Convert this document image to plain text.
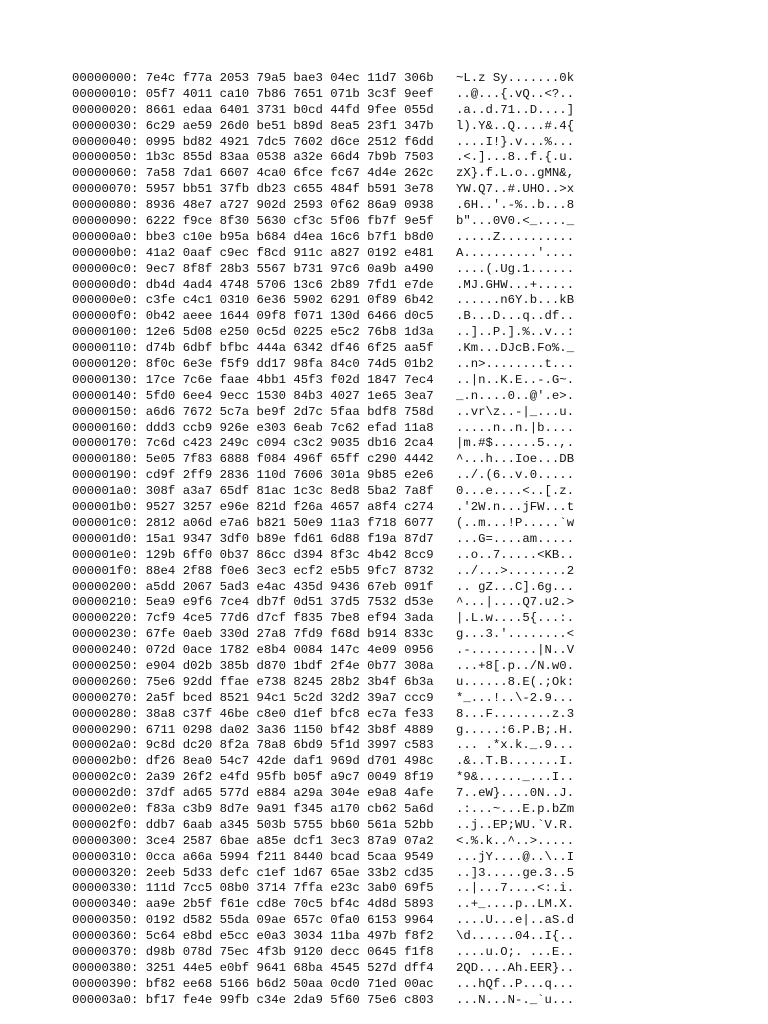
00000000: 7e4c f77a 2053 79a5 bae3 04ec 11d7 306b ~L.z Sy.......0k
00000010: 05f7 4011 ca10 7b86 7651 071b 3c3f 9eef ..@...{.vQ..<?..
00000020: 8661 edaa 6401 3731 b0cd 44fd 9fee 055d .a..d.71..D....]
00000030: 6c29 ae59 26d0 be51 b89d 8ea5 23f1 347b l).Y&..Q....#.4{
00000040: 0995 bd82 4921 7dc5 7602 d6ce 2512 f6dd ....I!}.v...%...
00000050: 1b3c 855d 83aa 0538 a32e 66d4 7b9b 7503 .<.]...8..f.{.u.
00000060: 7a58 7da1 6607 4ca0 6fce fc67 4d4e 262c zX}.f.L.o..gMN&,
00000070: 5957 bb51 37fb db23 c655 484f b591 3e78 YW.Q7..#.UHO..>x
00000080: 8936 48e7 a727 902d 2593 0f62 86a9 0938 .6H..'.-%..b...8
00000090: 6222 f9ce 8f30 5630 cf3c 5f06 fb7f 9e5f b"...0V0.<_...._
000000a0: bbe3 c10e b95a b684 d4ea 16c6 b7f1 b8d0 .....Z..........
000000b0: 41a2 0aaf c9ec f8cd 911c a827 0192 e481 A..........'....
000000c0: 9ec7 8f8f 28b3 5567 b731 97c6 0a9b a490 ....(.Ug.1......
000000d0: db4d 4ad4 4748 5706 13c6 2b89 7fd1 e7de .MJ.GHW...+.....
000000e0: c3fe c4c1 0310 6e36 5902 6291 0f89 6b42 ......n6Y.b...kB
000000f0: 0b42 aeee 1644 09f8 f071 130d 6466 d0c5 .B...D...q..df..
00000100: 12e6 5d08 e250 0c5d 0225 e5c2 76b8 1d3a ..]..P.].%..v..:
00000110: d74b 6dbf bfbc 444a 6342 df46 6f25 aa5f .Km...DJcB.Fo%._
00000120: 8f0c 6e3e f5f9 dd17 98fa 84c0 74d5 01b2 ..n>........t...
00000130: 17ce 7c6e faae 4bb1 45f3 f02d 1847 7ec4 ..|n..K.E..-.G~.
00000140: 5fd0 6ee4 9ecc 1530 84b3 4027 1e65 3ea7 _.n....0..@'.e>.
00000150: a6d6 7672 5c7a be9f 2d7c 5faa bdf8 758d ..vr\z..-|_...u.
00000160: ddd3 ccb9 926e e303 6eab 7c62 efad 11a8 .....n..n.|b....
00000170: 7c6d c423 249c c094 c3c2 9035 db16 2ca4 |m.#$......5..,.
00000180: 5e05 7f83 6888 f084 496f 65ff c290 4442 ^...h...Ioe...DB
00000190: cd9f 2ff9 2836 110d 7606 301a 9b85 e2e6 ../.(6..v.0.....
000001a0: 308f a3a7 65df 81ac 1c3c 8ed8 5ba2 7a8f 0...e....<..[.z.
000001b0: 9527 3257 e96e 821d f26a 4657 a8f4 c274 .'2W.n...jFW...t
000001c0: 2812 a06d e7a6 b821 50e9 11a3 f718 6077 (..m...!P.....`w
000001d0: 15a1 9347 3df0 b89e fd61 6d88 f19a 87d7 ...G=....am.....
000001e0: 129b 6ff0 0b37 86cc d394 8f3c 4b42 8cc9 ..o..7.....<KB..
000001f0: 88e4 2f88 f0e6 3ec3 ecf2 e5b5 9fc7 8732 ../...>........2
00000200: a5dd 2067 5ad3 e4ac 435d 9436 67eb 091f .. gZ...C].6g...
00000210: 5ea9 e9f6 7ce4 db7f 0d51 37d5 7532 d53e ^...|....Q7.u2.>
00000220: 7cf9 4ce5 77d6 d7cf f835 7be8 ef94 3ada |.L.w....5{...:.
00000230: 67fe 0aeb 330d 27a8 7fd9 f68d b914 833c g...3.'........<
00000240: 072d 0ace 1782 e8b4 0084 147c 4e09 0956 .-.........|N..V
00000250: e904 d02b 385b d870 1bdf 2f4e 0b77 308a ...+8[.p../N.w0.
00000260: 75e6 92dd ffae e738 8245 28b2 3b4f 6b3a u......8.E(.;Ok:
00000270: 2a5f bced 8521 94c1 5c2d 32d2 39a7 ccc9 *_...!..\-2.9...
00000280: 38a8 c37f 46be c8e0 d1ef bfc8 ec7a fe33 8...F........z.3
00000290: 6711 0298 da02 3a36 1150 bf42 3b8f 4889 g.....:6.P.B;.H.
000002a0: 9c8d dc20 8f2a 78a8 6bd9 5f1d 3997 c583 ... .*x.k._.9...
000002b0: df26 8ea0 54c7 42de daf1 969d d701 498c .&..T.B.......I.
000002c0: 2a39 26f2 e4fd 95fb b05f a9c7 0049 8f19 *9&......_...I..
000002d0: 37df ad65 577d e884 a29a 304e e9a8 4afe 7..eW}....0N..J.
000002e0: f83a c3b9 8d7e 9a91 f345 a170 cb62 5a6d .:...~...E.p.bZm
000002f0: ddb7 6aab a345 503b 5755 bb60 561a 52bb ..j..EP;WU.`V.R.
00000300: 3ce4 2587 6bae a85e dcf1 3ec3 87a9 07a2 <.%.k..^..>.....
00000310: 0cca a66a 5994 f211 8440 bcad 5caa 9549 ...jY....@..\..I
00000320: 2eeb 5d33 defc c1ef 1d67 65ae 33b2 cd35 ..]3.....ge.3..5
00000330: 111d 7cc5 08b0 3714 7ffa e23c 3ab0 69f5 ..|...7....<:.i.
00000340: aa9e 2b5f f61e cd8e 70c5 bf4c 4d8d 5893 ..+_....p..LM.X.
00000350: 0192 d582 55da 09ae 657c 0fa0 6153 9964 ....U...e|..aS.d
00000360: 5c64 e8bd e5cc e0a3 3034 11ba 497b f8f2 \d......04..I{..
00000370: d98b 078d 75ec 4f3b 9120 decc 0645 f1f8 ....u.O;. ...E..
00000380: 3251 44e5 e0bf 9641 68ba 4545 527d dff4 2QD....Ah.EER}..
00000390: bf82 ee68 5166 b6d2 50aa 0cd0 71ed 00ac ...hQf..P...q...
000003a0: bf17 fe4e 99fb c34e 2da9 5f60 75e6 c803 ...N...N-._`u...
